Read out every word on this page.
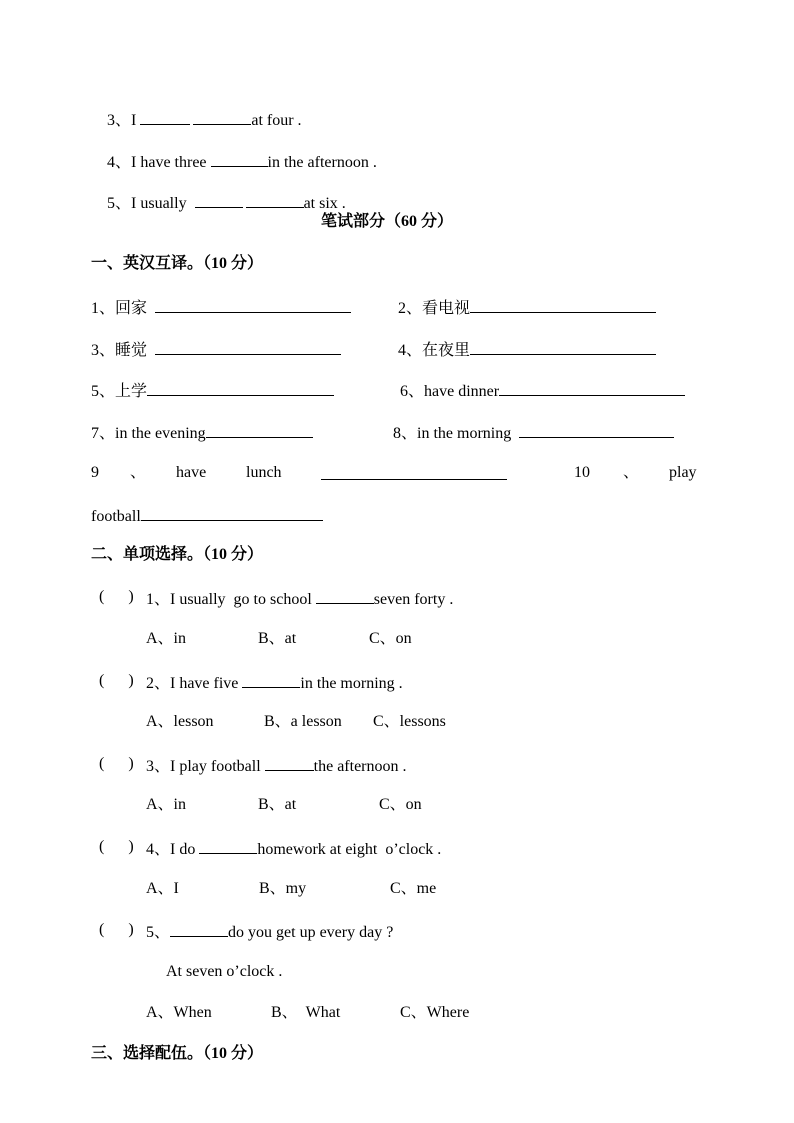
3、I	at four .

4、I have three	in the afternoon .

5、I usually	at six .

笔试部分（60 分）
一、英汉互译。（10 分）
1、回家	2、看电视
3、睡觉	4、在夜里
5、上学	6、have dinner
7、in the evening	8、in the morning
9 、 have lunch	10 、 play
football
二、单项选择。（10 分）
(      ) 1、I usually  go to school	seven forty .
A、in	B、at	C、on
(      ) 2、I have five	in the morning .
A、lesson	B、a lesson C、lessons
(      ) 3、I play football	the afternoon .
A、in	B、at	C、on
(      ) 4、I do	homework at eight  o’clock .
A、I	B、my	C、me
(      ) 5、	do you get up every day ?
At seven o’clock .
A、When	B、  What	C、Where
三、选择配伍。（10 分）
